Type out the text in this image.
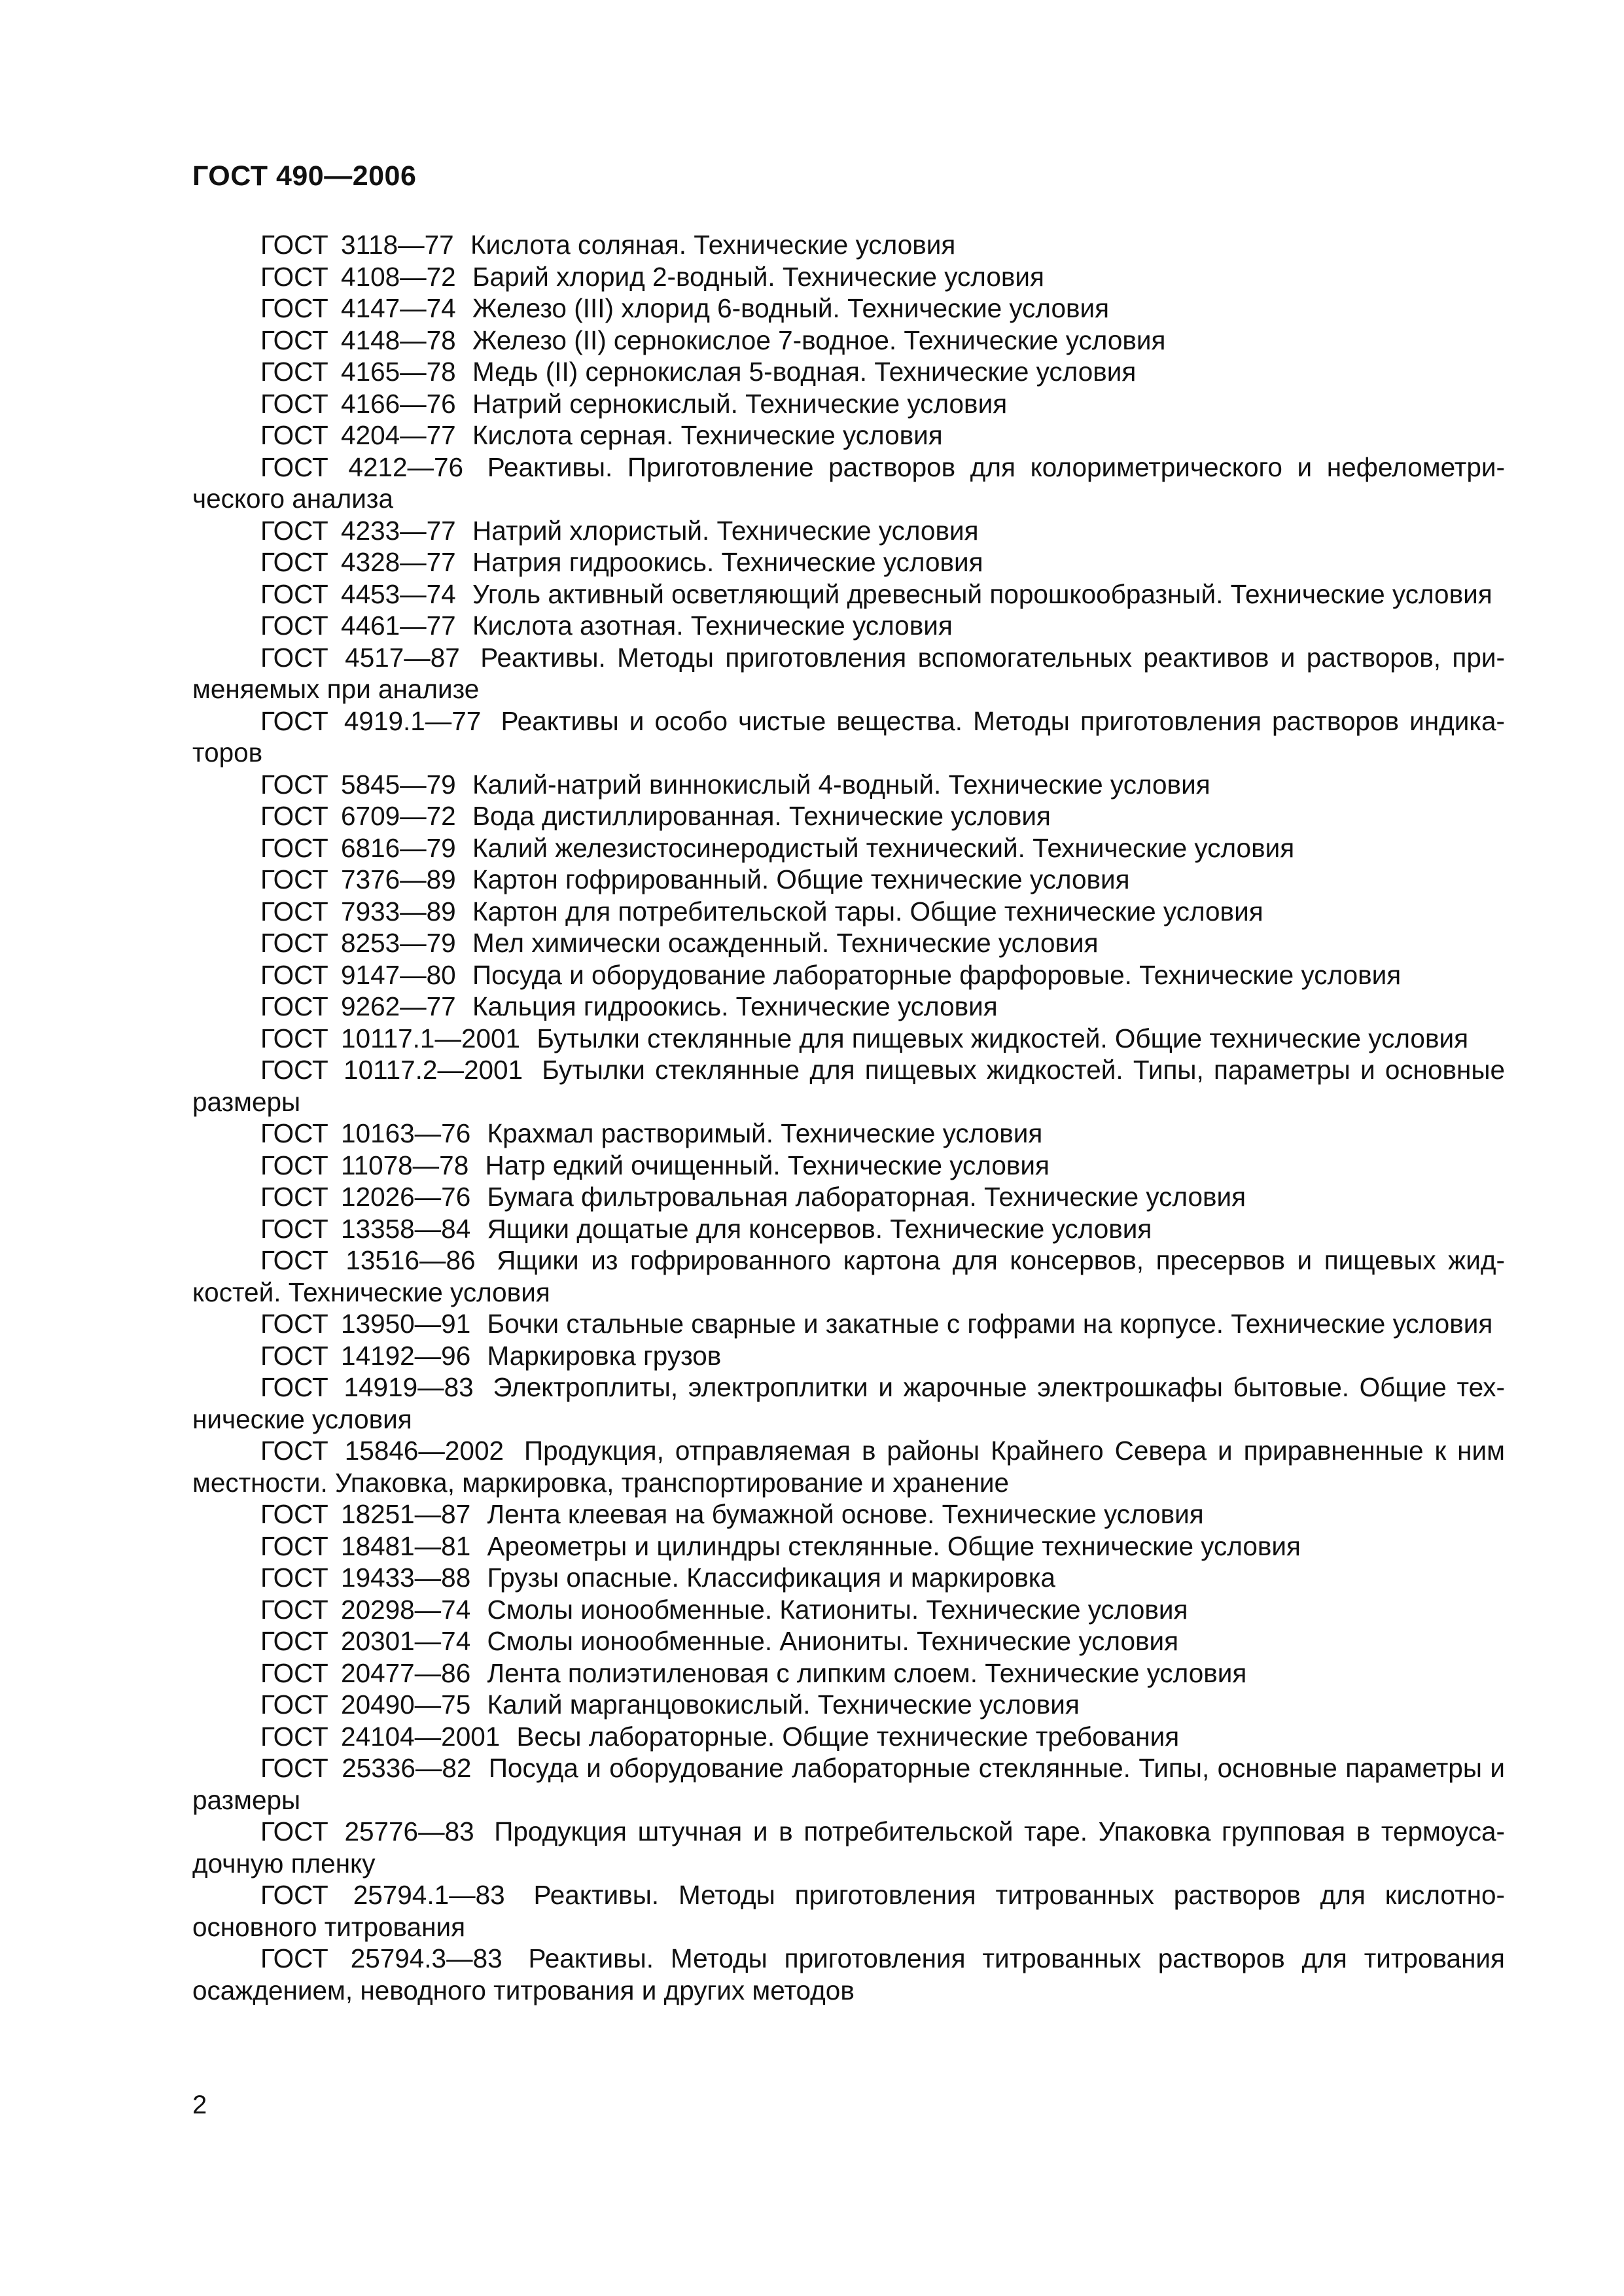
ГОСТ 490—2006

ГОСТ 3118—77 Кислота соляная. Технические условия

ГОСТ 4108—72 Барий хлорид 2-водный. Технические условия

ГОСТ 4147—74 Железо (III) хлорид 6-водный. Технические условия

ГОСТ 4148—78 Железо (II) сернокислое 7-водное. Технические условия

ГОСТ 4165—78 Медь (II) сернокислая 5-водная. Технические условия

ГОСТ 4166—76 Натрий сернокислый. Технические условия

ГОСТ 4204—77 Кислота серная. Технические условия

ГОСТ 4212—76 Реактивы. Приготовление растворов для колориметрического и нефелометрического анализа

ГОСТ 4233—77 Натрий хлористый. Технические условия

ГОСТ 4328—77 Натрия гидроокись. Технические условия

ГОСТ 4453—74 Уголь активный осветляющий древесный порошкообразный. Технические условия

ГОСТ 4461—77 Кислота азотная. Технические условия

ГОСТ 4517—87 Реактивы. Методы приготовления вспомогательных реактивов и растворов, применяемых при анализе

ГОСТ 4919.1—77 Реактивы и особо чистые вещества. Методы приготовления растворов индикаторов

ГОСТ 5845—79 Калий-натрий виннокислый 4-водный. Технические условия

ГОСТ 6709—72 Вода дистиллированная. Технические условия

ГОСТ 6816—79 Калий железистосинеродистый технический. Технические условия

ГОСТ 7376—89 Картон гофрированный. Общие технические условия

ГОСТ 7933—89 Картон для потребительской тары. Общие технические условия

ГОСТ 8253—79 Мел химически осажденный. Технические условия

ГОСТ 9147—80 Посуда и оборудование лабораторные фарфоровые. Технические условия

ГОСТ 9262—77 Кальция гидроокись. Технические условия

ГОСТ 10117.1—2001 Бутылки стеклянные для пищевых жидкостей. Общие технические условия

ГОСТ 10117.2—2001 Бутылки стеклянные для пищевых жидкостей. Типы, параметры и основные размеры

ГОСТ 10163—76 Крахмал растворимый. Технические условия

ГОСТ 11078—78 Натр едкий очищенный. Технические условия

ГОСТ 12026—76 Бумага фильтровальная лабораторная. Технические условия

ГОСТ 13358—84 Ящики дощатые для консервов. Технические условия

ГОСТ 13516—86 Ящики из гофрированного картона для консервов, пресервов и пищевых жидкостей. Технические условия

ГОСТ 13950—91 Бочки стальные сварные и закатные с гофрами на корпусе. Технические условия

ГОСТ 14192—96 Маркировка грузов

ГОСТ 14919—83 Электроплиты, электроплитки и жарочные электрошкафы бытовые. Общие технические условия

ГОСТ 15846—2002 Продукция, отправляемая в районы Крайнего Севера и приравненные к ним местности. Упаковка, маркировка, транспортирование и хранение

ГОСТ 18251—87 Лента клеевая на бумажной основе. Технические условия

ГОСТ 18481—81 Ареометры и цилиндры стеклянные. Общие технические условия

ГОСТ 19433—88 Грузы опасные. Классификация и маркировка

ГОСТ 20298—74 Смолы ионообменные. Катиониты. Технические условия

ГОСТ 20301—74 Смолы ионообменные. Аниониты. Технические условия

ГОСТ 20477—86 Лента полиэтиленовая с липким слоем. Технические условия

ГОСТ 20490—75 Калий марганцовокислый. Технические условия

ГОСТ 24104—2001 Весы лабораторные. Общие технические требования

ГОСТ 25336—82 Посуда и оборудование лабораторные стеклянные. Типы, основные параметры и размеры

ГОСТ 25776—83 Продукция штучная и в потребительской таре. Упаковка групповая в термоусадочную пленку

ГОСТ 25794.1—83 Реактивы. Методы приготовления титрованных растворов для кислотно-основного титрования

ГОСТ 25794.3—83 Реактивы. Методы приготовления титрованных растворов для титрования осаждением, неводного титрования и других методов

2
